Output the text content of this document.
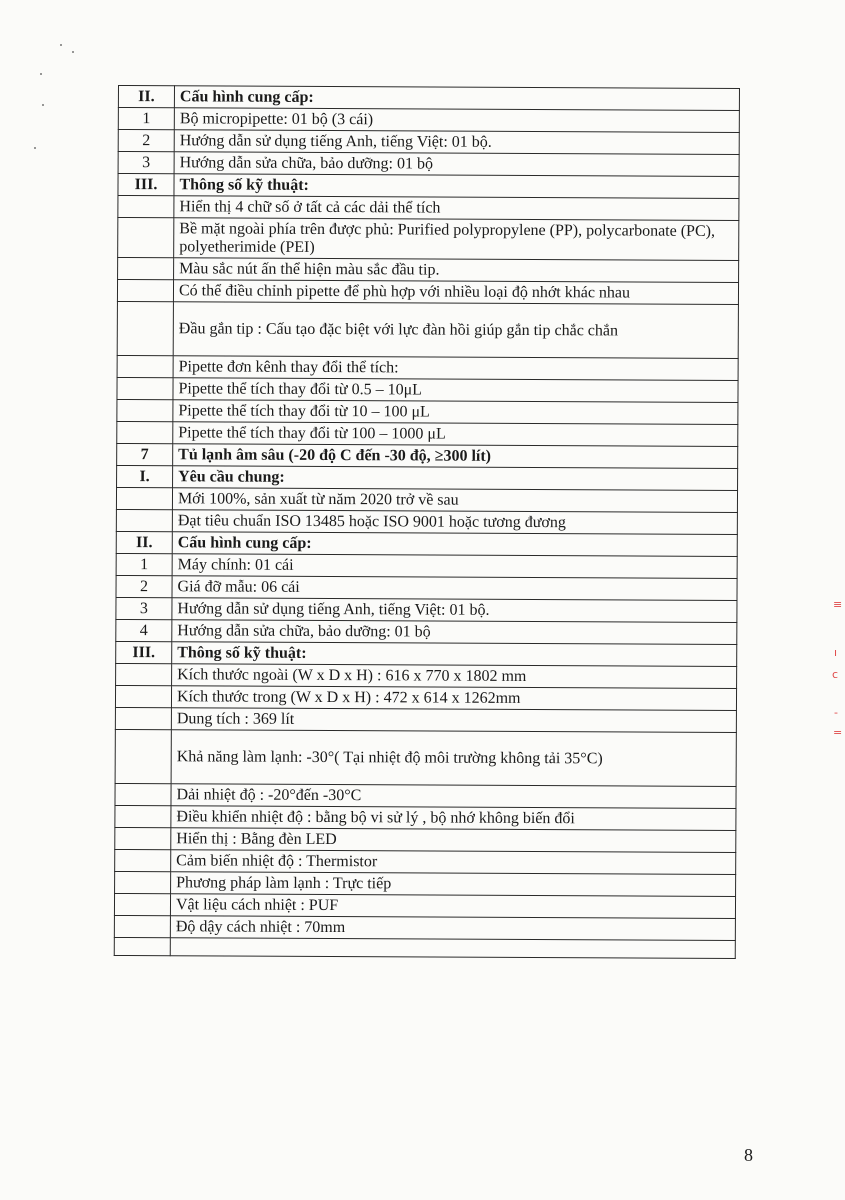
II.	Cấu hình cung cấp:
1	Bộ micropipette: 01 bộ (3 cái)
2	Hướng dẫn sử dụng tiếng Anh, tiếng Việt: 01 bộ.
3	Hướng dẫn sửa chữa, bảo dưỡng: 01 bộ
III.	Thông số kỹ thuật:
	Hiển thị 4 chữ số ở tất cả các dải thể tích
	Bề mặt ngoài phía trên được phủ: Purified polypropylene (PP), polycarbonate (PC), polyetherimide (PEI)
	Màu sắc nút ấn thể hiện màu sắc đầu tip.
	Có thể điều chỉnh pipette để phù hợp với nhiều loại độ nhớt khác nhau
	Đầu gắn tip : Cấu tạo đặc biệt với lực đàn hồi giúp gắn tip chắc chắn
	Pipette đơn kênh thay đổi thể tích:
	Pipette thể tích thay đổi từ 0.5 – 10μL
	Pipette thể tích thay đổi từ 10 – 100 μL
	Pipette thể tích thay đổi từ 100 – 1000 μL
7	Tủ lạnh âm sâu (-20 độ C đến -30 độ, ≥300 lít)
I.	Yêu cầu chung:
	Mới 100%, sản xuất từ năm 2020 trở về sau
	Đạt tiêu chuẩn ISO 13485 hoặc ISO 9001 hoặc tương đương
II.	Cấu hình cung cấp:
1	Máy chính: 01 cái
2	Giá đỡ mẫu: 06 cái
3	Hướng dẫn sử dụng tiếng Anh, tiếng Việt: 01 bộ.
4	Hướng dẫn sửa chữa, bảo dưỡng: 01 bộ
III.	Thông số kỹ thuật:
	Kích thước ngoài (W x D x H) : 616 x 770 x 1802 mm
	Kích thước trong (W x D x H) : 472 x 614 x 1262mm
	Dung tích : 369 lít
	Khả năng làm lạnh: -30°( Tại nhiệt độ môi trường không tải 35°C)
	Dải nhiệt độ : -20°đến -30°C
	Điều khiển nhiệt độ : bằng bộ vi sử lý , bộ nhớ không biến đổi
	Hiển thị : Bằng đèn LED
	Cảm biến nhiệt độ : Thermistor
	Phương pháp làm lạnh : Trực tiếp
	Vật liệu cách nhiệt : PUF
	Độ dậy cách nhiệt : 70mm

≡
ı
c
-
=
8
